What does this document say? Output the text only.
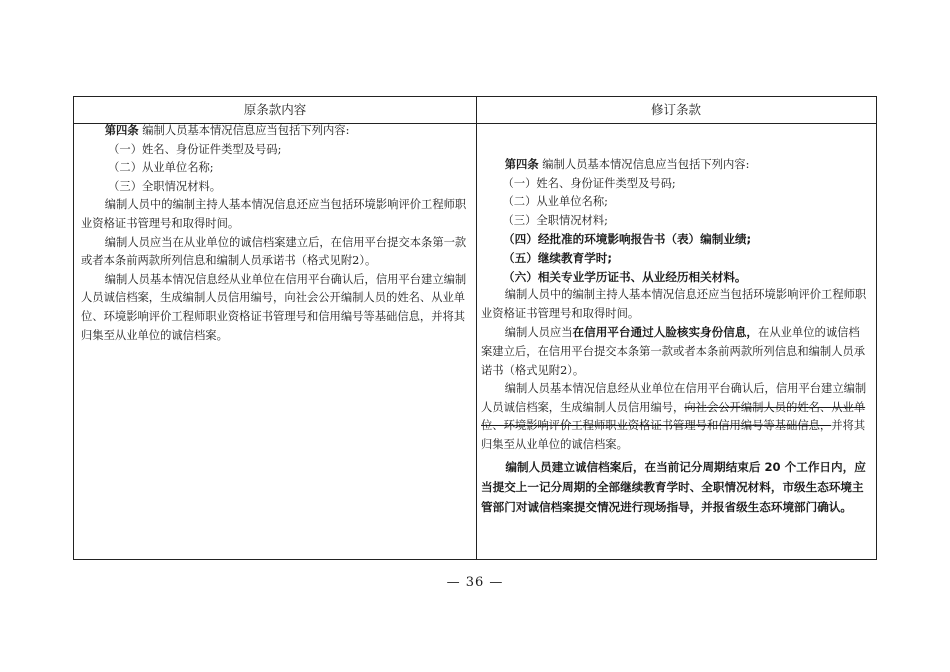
原条款内容	修订条款

第四条 编制人员基本情况信息应当包括下列内容:

（一）姓名、身份证件类型及号码;

（二）从业单位名称;

（三）全职情况材料。

编制人员中的编制主持人基本情况信息还应当包括环境影响评价工程师职业资格证书管理号和取得时间。

编制人员应当在从业单位的诚信档案建立后，在信用平台提交本条第一款或者本条前两款所列信息和编制人员承诺书（格式见附2）。

编制人员基本情况信息经从业单位在信用平台确认后，信用平台建立编制人员诚信档案，生成编制人员信用编号，向社会公开编制人员的姓名、从业单位、环境影响评价工程师职业资格证书管理号和信用编号等基础信息，并将其归集至从业单位的诚信档案。

第四条 编制人员基本情况信息应当包括下列内容:

（一）姓名、身份证件类型及号码;

（二）从业单位名称;

（三）全职情况材料;

（四）经批准的环境影响报告书（表）编制业绩;

（五）继续教育学时;

（六）相关专业学历证书、从业经历相关材料。

编制人员中的编制主持人基本情况信息还应当包括环境影响评价工程师职业资格证书管理号和取得时间。

编制人员应当在信用平台通过人脸核实身份信息，在从业单位的诚信档案建立后，在信用平台提交本条第一款或者本条前两款所列信息和编制人员承诺书（格式见附2）。

编制人员基本情况信息经从业单位在信用平台确认后，信用平台建立编制人员诚信档案，生成编制人员信用编号，向社会公开编制人员的姓名、从业单位、环境影响评价工程师职业资格证书管理号和信用编号等基础信息，并将其归集至从业单位的诚信档案。

编制人员建立诚信档案后，在当前记分周期结束后 20 个工作日内，应当提交上一记分周期的全部继续教育学时、全职情况材料，市级生态环境主管部门对诚信档案提交情况进行现场指导，并报省级生态环境部门确认。

— 36 —
